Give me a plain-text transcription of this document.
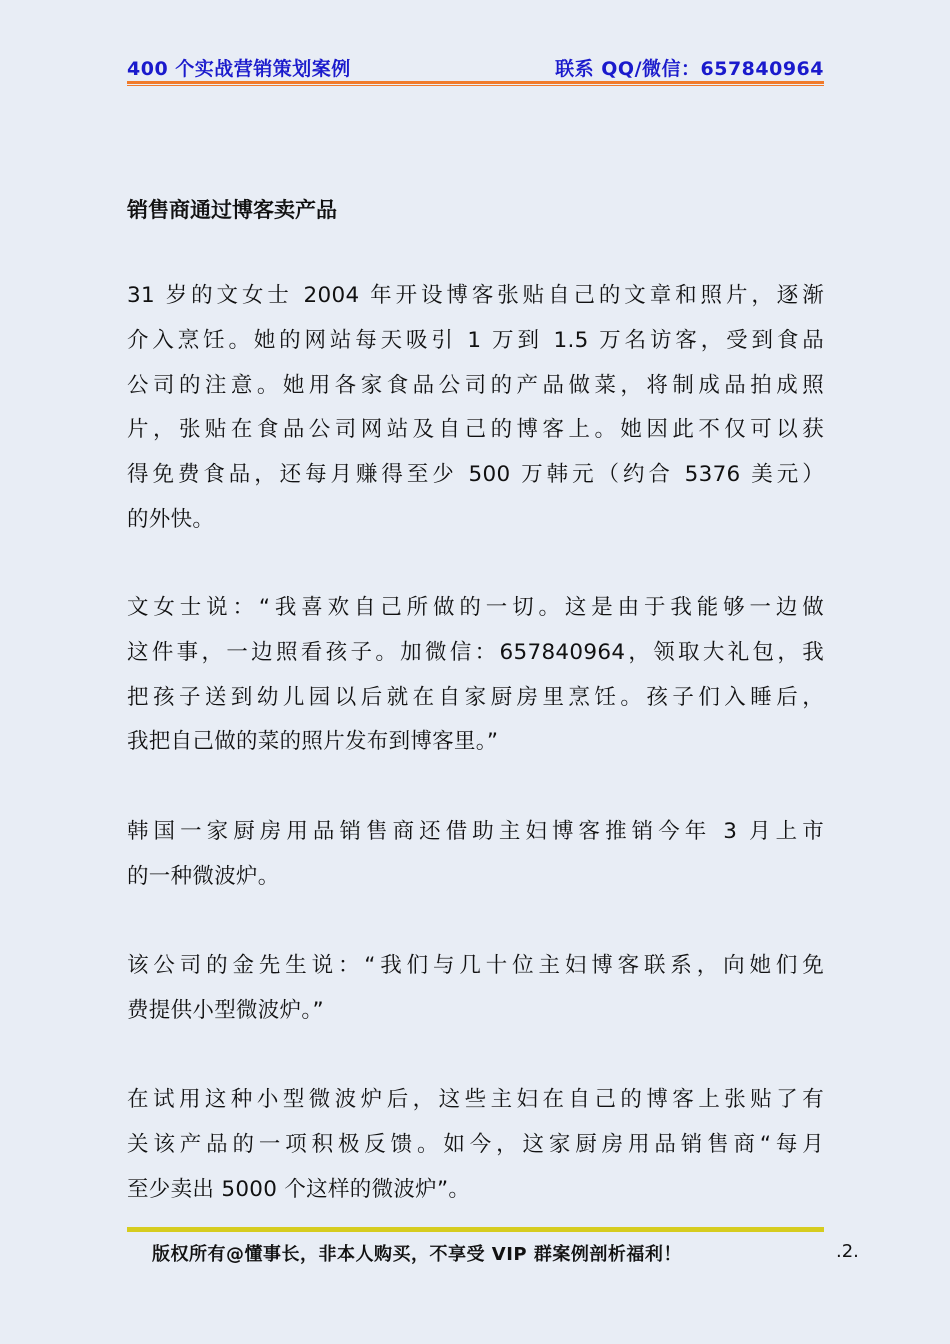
400 个实战营销策划案例	联系 QQ/微信：657840964
销售商通过博客卖产品
31 岁的文女士 2004 年开设博客张贴自己的文章和照片，逐渐
介入烹饪。她的网站每天吸引 1 万到 1.5 万名访客，受到食品
公司的注意。她用各家食品公司的产品做菜，将制成品拍成照
片，张贴在食品公司网站及自己的博客上。她因此不仅可以获
得免费食品，还每月赚得至少 500 万韩元（约合 5376 美元）
的外快。
文女士说：“我喜欢自己所做的一切。这是由于我能够一边做
这件事，一边照看孩子。加微信：657840964，领取大礼包，我
把孩子送到幼儿园以后就在自家厨房里烹饪。孩子们入睡后，
我把自己做的菜的照片发布到博客里。”
韩国一家厨房用品销售商还借助主妇博客推销今年 3 月上市
的一种微波炉。
该公司的金先生说：“我们与几十位主妇博客联系，向她们免
费提供小型微波炉。”
在试用这种小型微波炉后，这些主妇在自己的博客上张贴了有
关该产品的一项积极反馈。如今，这家厨房用品销售商“每月
至少卖出 5000 个这样的微波炉”。
版权所有@懂事长，非本人购买，不享受 VIP 群案例剖析福利！	.2.
